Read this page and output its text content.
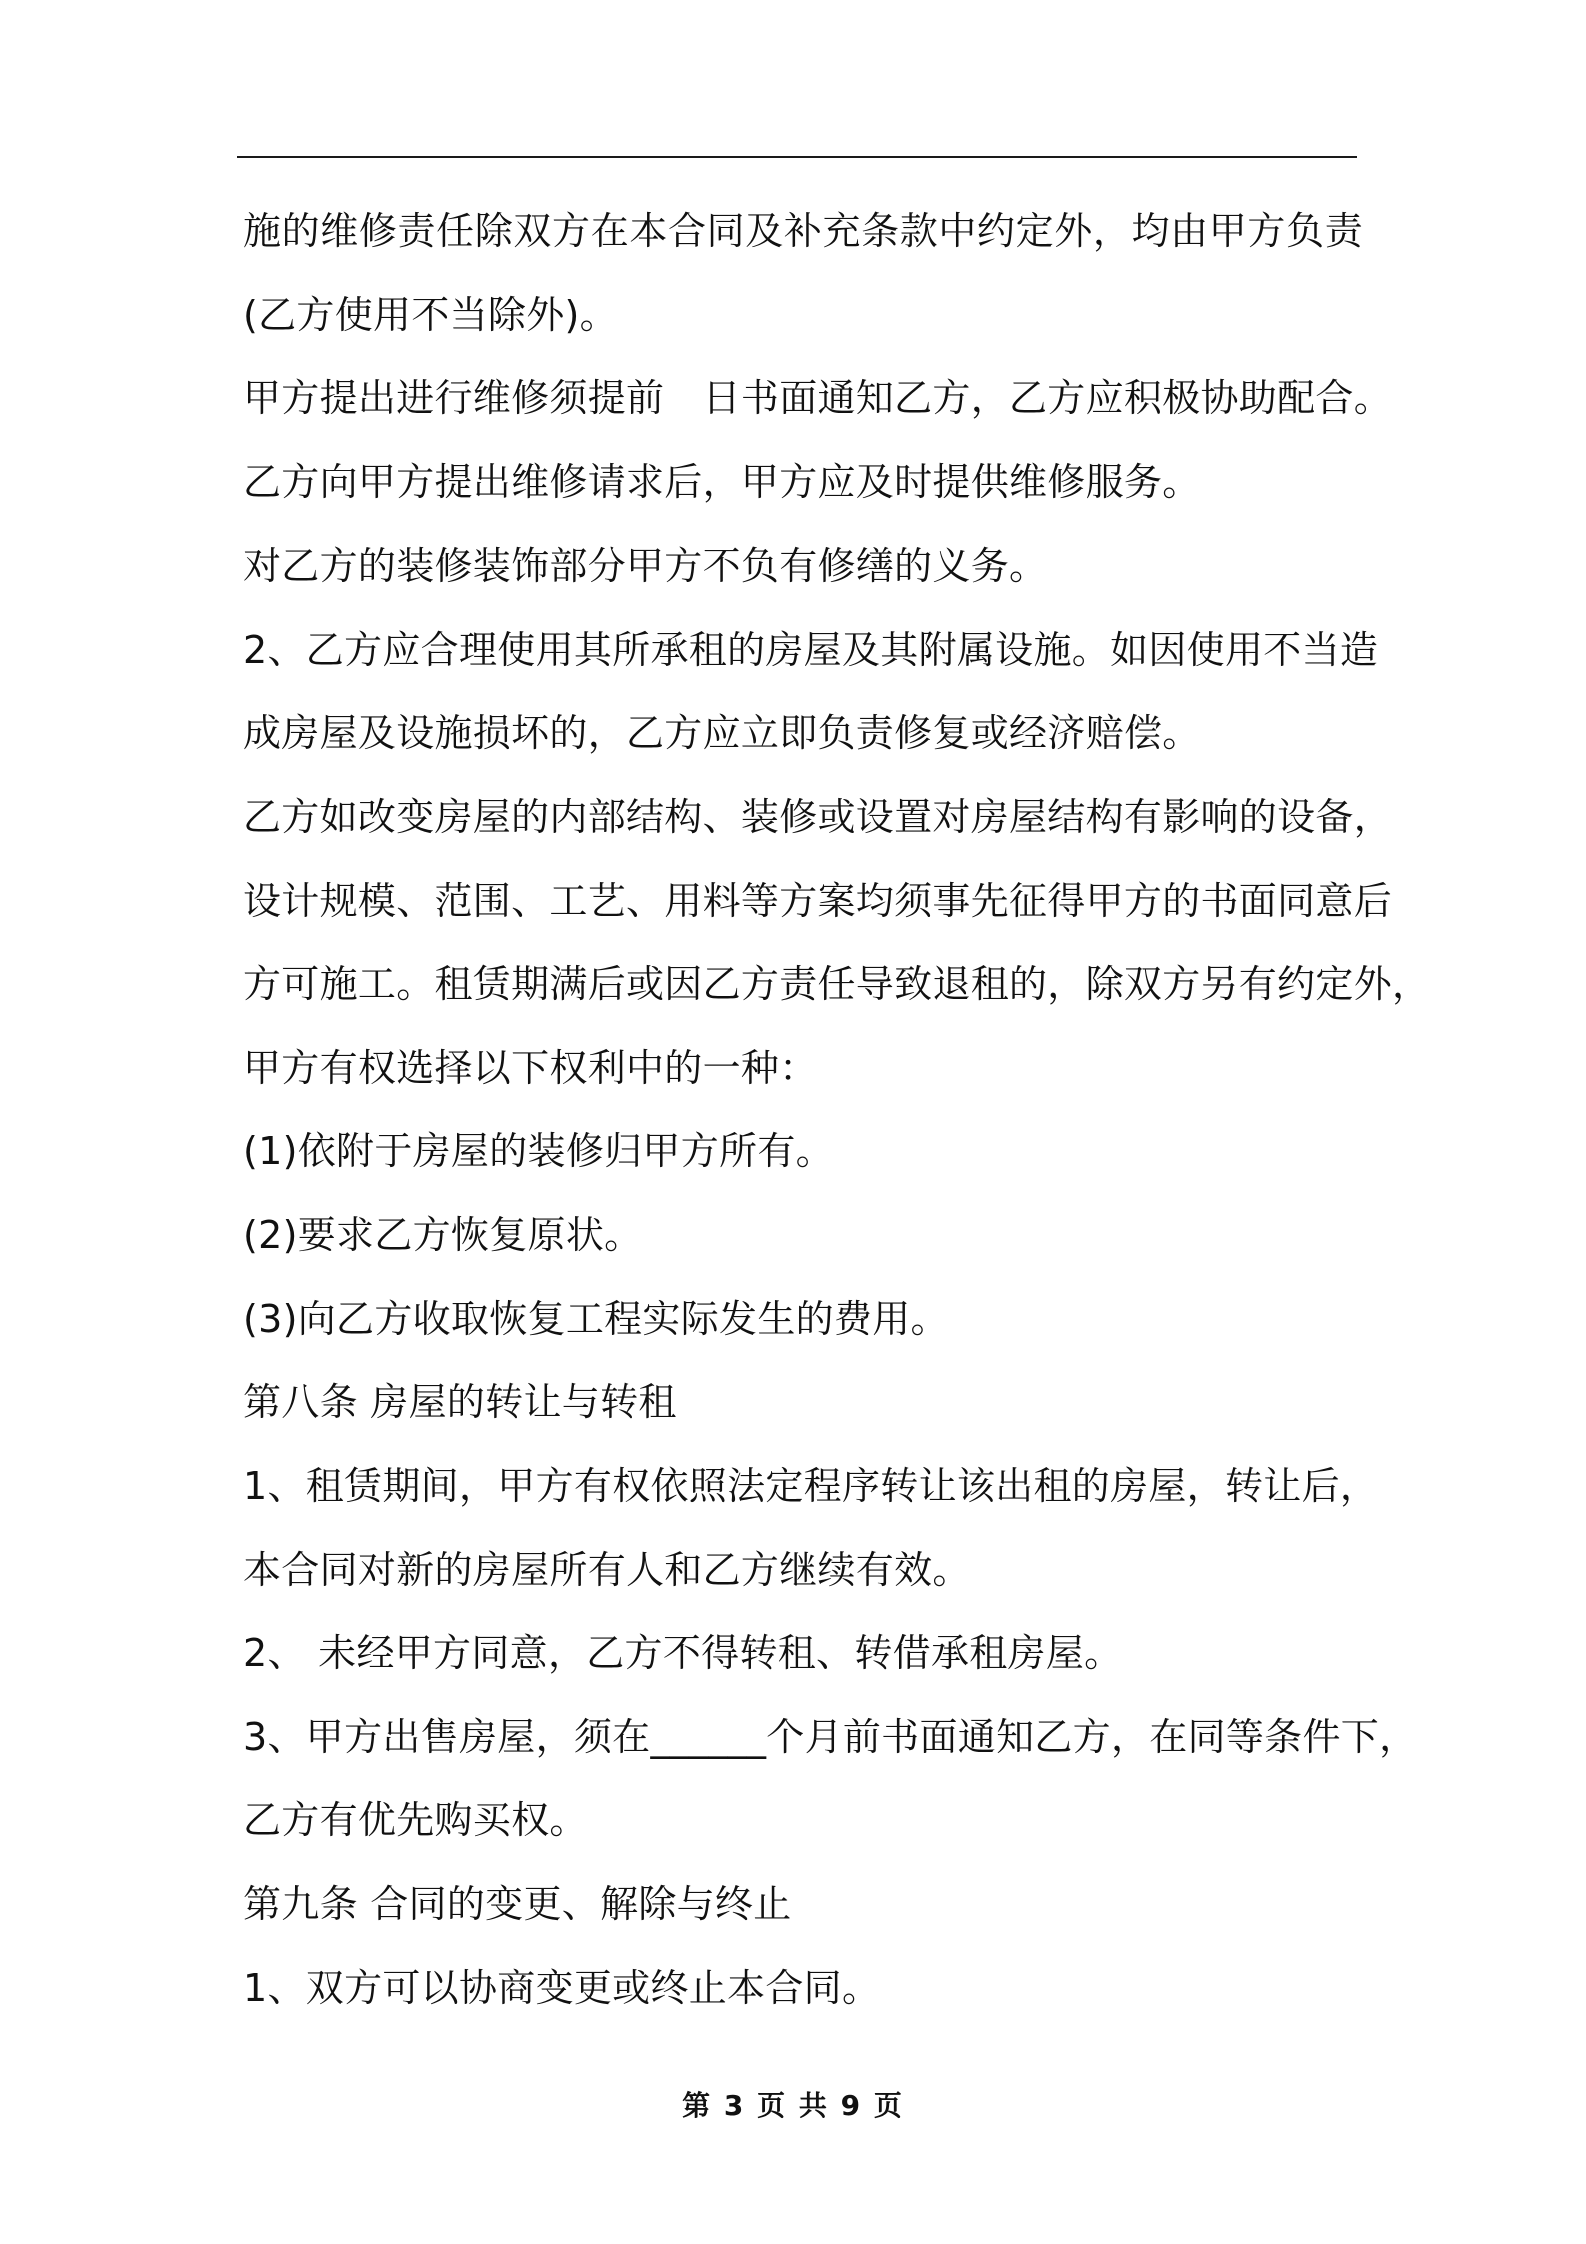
施的维修责任除双方在本合同及补充条款中约定外，均由甲方负责
(乙方使用不当除外)。
甲方提出进行维修须提前　日书面通知乙方，乙方应积极协助配合。
乙方向甲方提出维修请求后，甲方应及时提供维修服务。
对乙方的装修装饰部分甲方不负有修缮的义务。
2、乙方应合理使用其所承租的房屋及其附属设施。如因使用不当造
成房屋及设施损坏的，乙方应立即负责修复或经济赔偿。
乙方如改变房屋的内部结构、装修或设置对房屋结构有影响的设备，
设计规模、范围、工艺、用料等方案均须事先征得甲方的书面同意后
方可施工。租赁期满后或因乙方责任导致退租的，除双方另有约定外，
甲方有权选择以下权利中的一种：
(1)依附于房屋的装修归甲方所有。
(2)要求乙方恢复原状。
(3)向乙方收取恢复工程实际发生的费用。
第八条 房屋的转让与转租
1、租赁期间，甲方有权依照法定程序转让该出租的房屋，转让后，
本合同对新的房屋所有人和乙方继续有效。
2、 未经甲方同意，乙方不得转租、转借承租房屋。
3、甲方出售房屋，须在______个月前书面通知乙方，在同等条件下，
乙方有优先购买权。
第九条 合同的变更、解除与终止
1、双方可以协商变更或终止本合同。
第 3 页 共 9 页
